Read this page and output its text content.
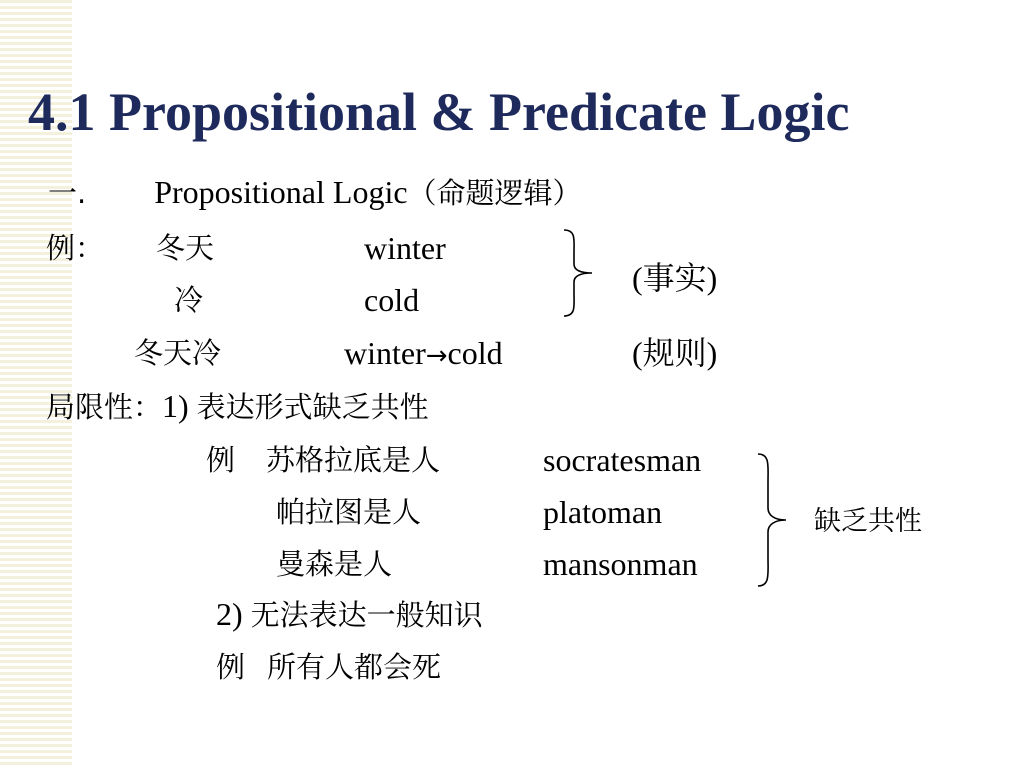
4.1 Propositional & Predicate Logic
一. Propositional Logic（命题逻辑）
例： 冬天	winter
冷	cold
(事实)
冬天冷	winter→cold	(规则)
局限性：1) 表达形式缺乏共性
例 苏格拉底是人	socratesman
帕拉图是人	platoman
曼森是人	mansonman
缺乏共性
2) 无法表达一般知识
例 所有人都会死
